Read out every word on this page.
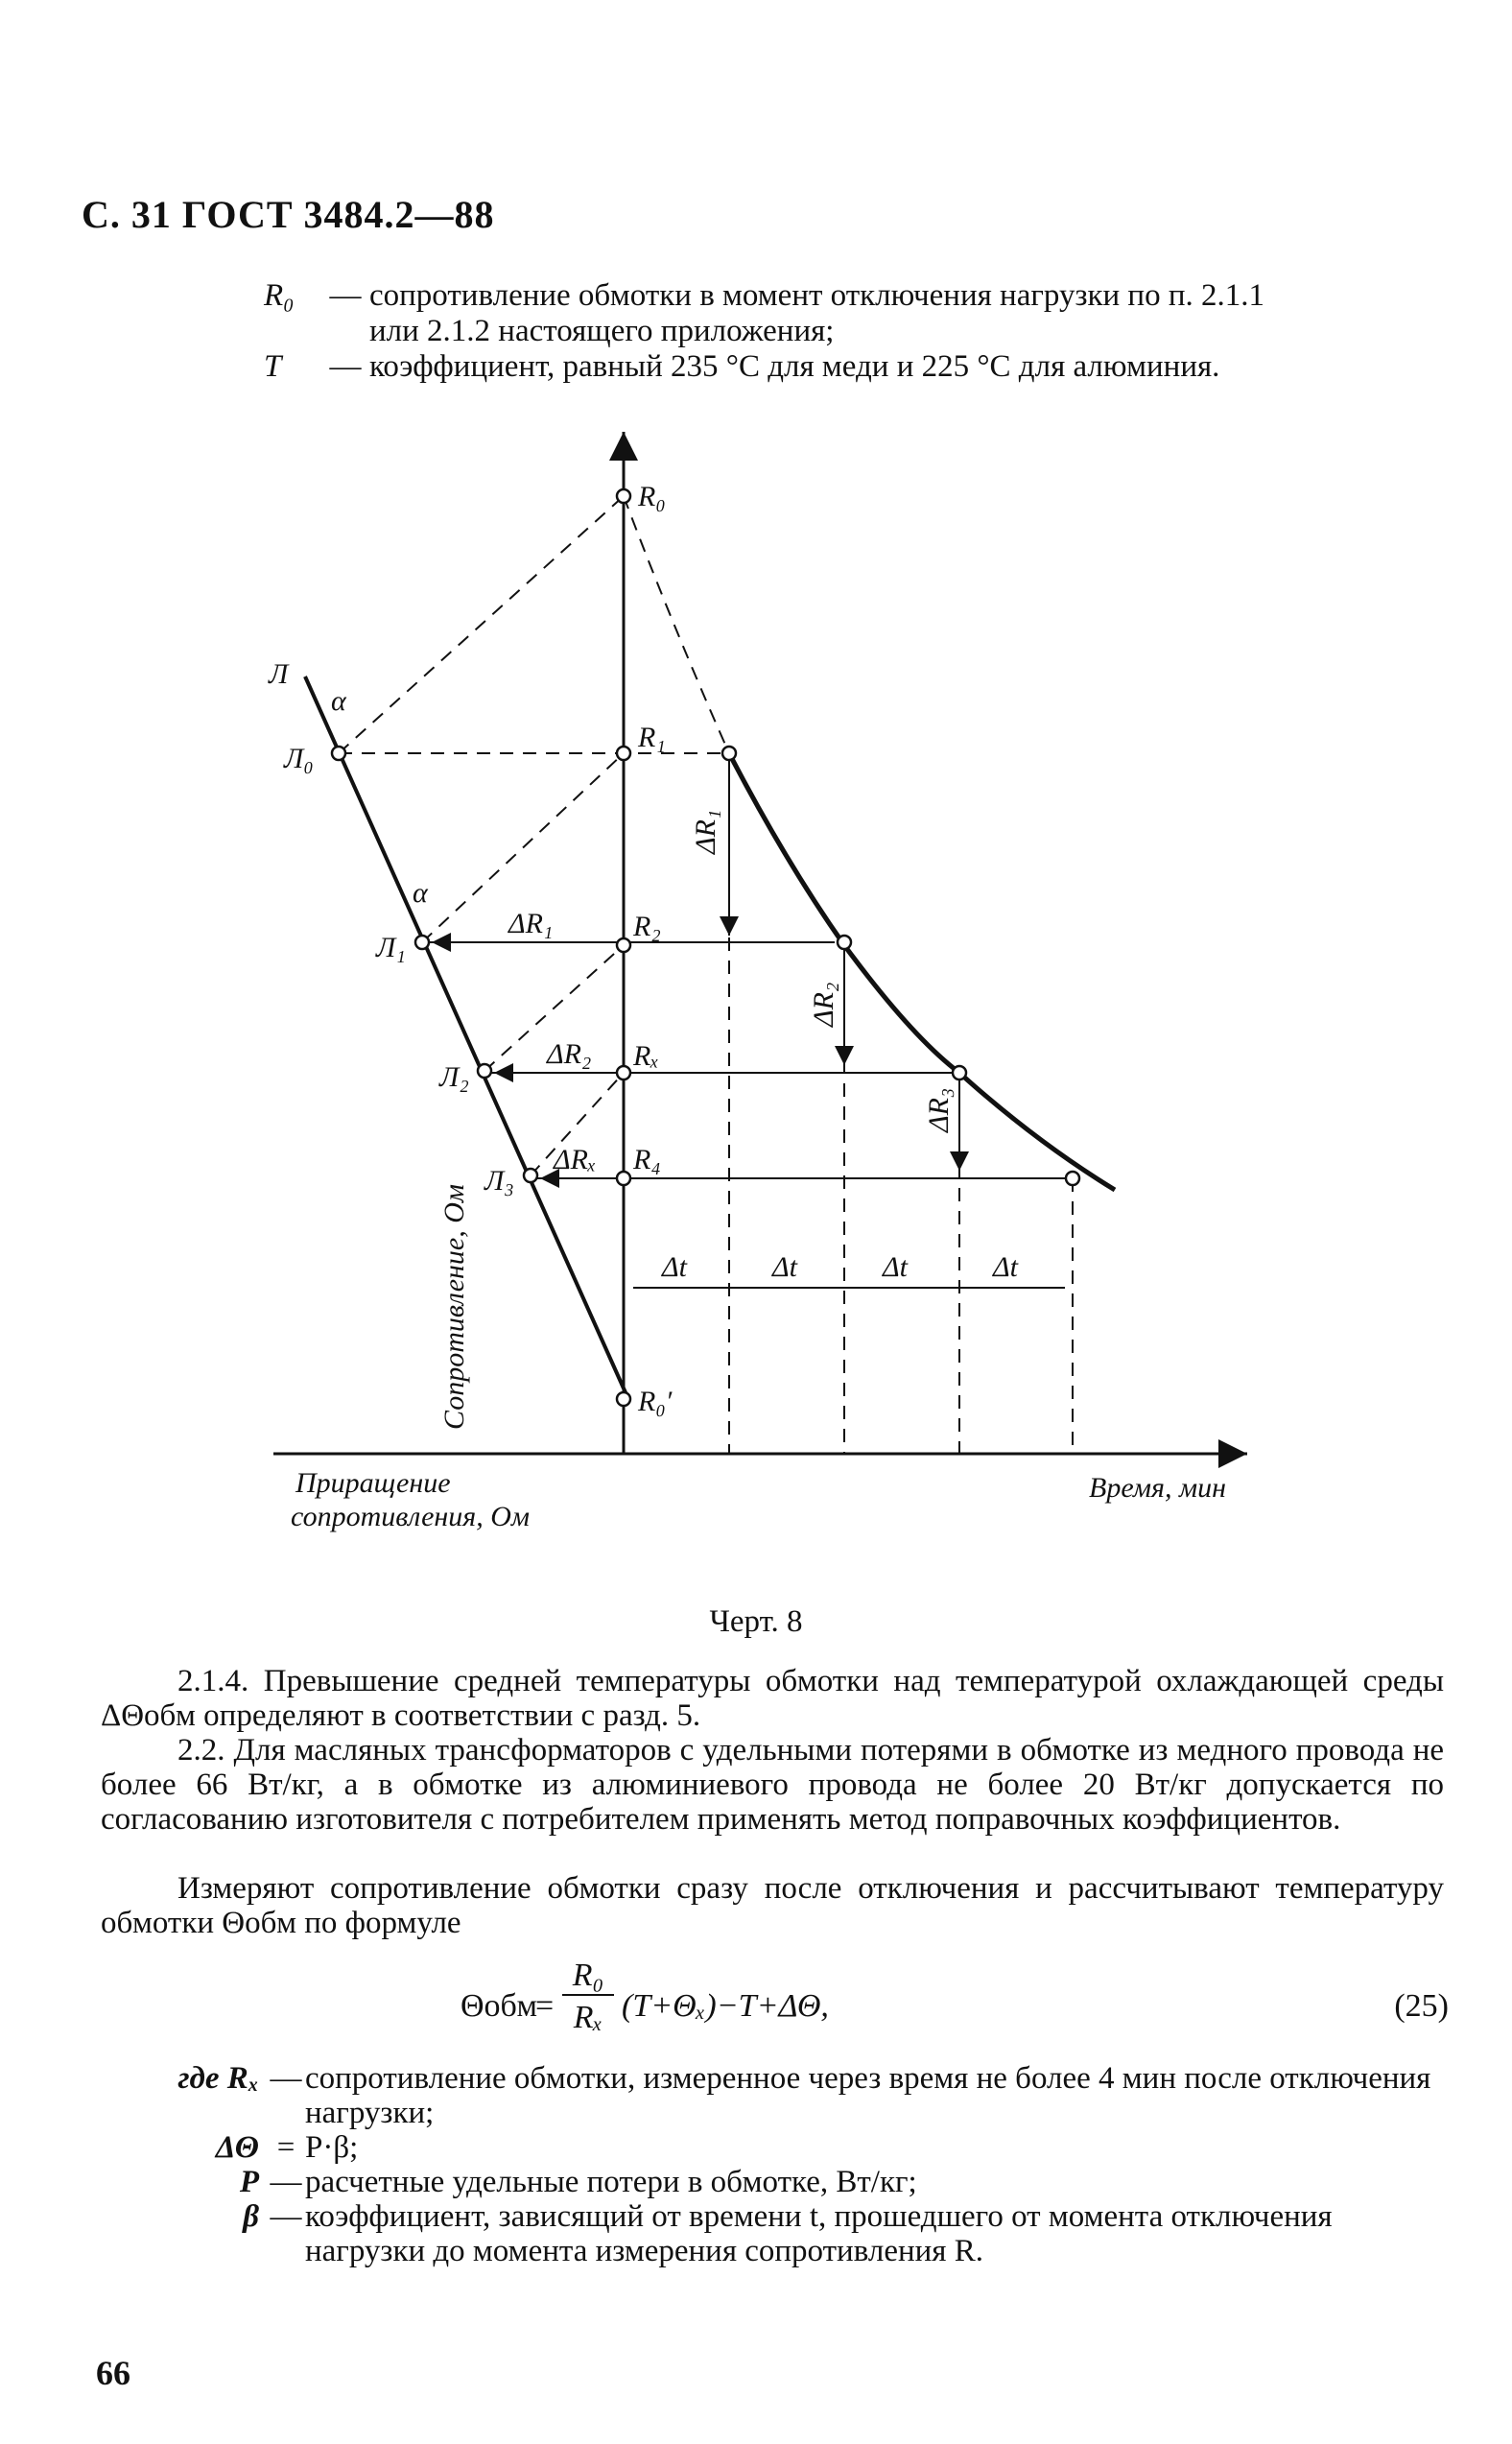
С. 31 ГОСТ 3484.2—88
R₀	— сопротивление обмотки в момент отключения нагрузки по п. 2.1.1
или 2.1.2 настоящего приложения;
T	— коэффициент, равный 235 °С для меди и 225 °С для алюминия.
R₀
R₁
R₂
Rₓ
R₄
R₀′
Л
Л₀
Л₁
Л₂
Л₃
α
α
ΔR₁
ΔR₂
ΔRₓ
ΔR₁
ΔR₂
ΔR₃
Δt	Δt	Δt	Δt
Сопротивление, Ом
Время, мин
Приращение
сопротивления, Ом
Черт. 8
2.1.4. Превышение средней температуры обмотки над температурой охлаждающей среды ΔΘобм определяют в соответствии с разд. 5.
2.2. Для масляных трансформаторов с удельными потерями в обмотке из медного провода не более 66 Вт/кг, а в обмотке из алюминиевого провода не более 20 Вт/кг допускается по согласованию изготовителя с потребителем применять метод поправочных коэффициентов.
Измеряют сопротивление обмотки сразу после отключения и рассчитывают температуру обмотки Θобм по формуле
Θобм
=
R₀
Rₓ (T+Θₓ)−T+ΔΘ,	(25)
где Rₓ — сопротивление обмотки, измеренное через время не более 4 мин после отключения нагрузки;
ΔΘ = P·β;
P — расчетные удельные потери в обмотке, Вт/кг;
β — коэффициент, зависящий от времени t, прошедшего от момента отключения нагрузки до момента измерения сопротивления R.
66
